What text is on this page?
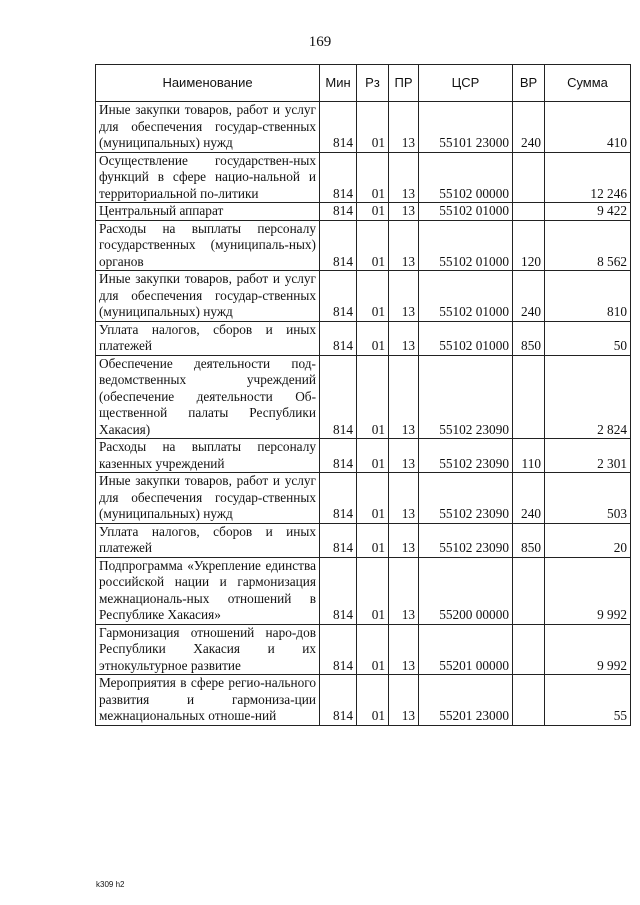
169
Наименование	Мин	Рз	ПР	ЦСР	ВР	Сумма
Иные закупки товаров, работ и услуг для обеспечения государ-ственных (муниципальных) нужд	814	01	13	55101 23000	240	410
Осуществление государствен-ных функций в сфере нацио-нальной и территориальной по-литики	814	01	13	55102 00000		12 246
Центральный аппарат	814	01	13	55102 01000		9 422
Расходы на выплаты персоналу государственных (муниципаль-ных) органов	814	01	13	55102 01000	120	8 562
Иные закупки товаров, работ и услуг для обеспечения государ-ственных (муниципальных) нужд	814	01	13	55102 01000	240	810
Уплата налогов, сборов и иных платежей	814	01	13	55102 01000	850	50
Обеспечение деятельности под-ведомственных учреждений (обеспечение деятельности Об-щественной палаты Республики Хакасия)	814	01	13	55102 23090		2 824
Расходы на выплаты персоналу казенных учреждений	814	01	13	55102 23090	110	2 301
Иные закупки товаров, работ и услуг для обеспечения государ-ственных (муниципальных) нужд	814	01	13	55102 23090	240	503
Уплата налогов, сборов и иных платежей	814	01	13	55102 23090	850	20
Подпрограмма «Укрепление единства российской нации и гармонизация межнациональ-ных отношений в Республике Хакасия»	814	01	13	55200 00000		9 992
Гармонизация отношений наро-дов Республики Хакасия и их этнокультурное развитие	814	01	13	55201 00000		9 992
Мероприятия в сфере регио-нального развития и гармониза-ции межнациональных отноше-ний	814	01	13	55201 23000		55
k309 h2
